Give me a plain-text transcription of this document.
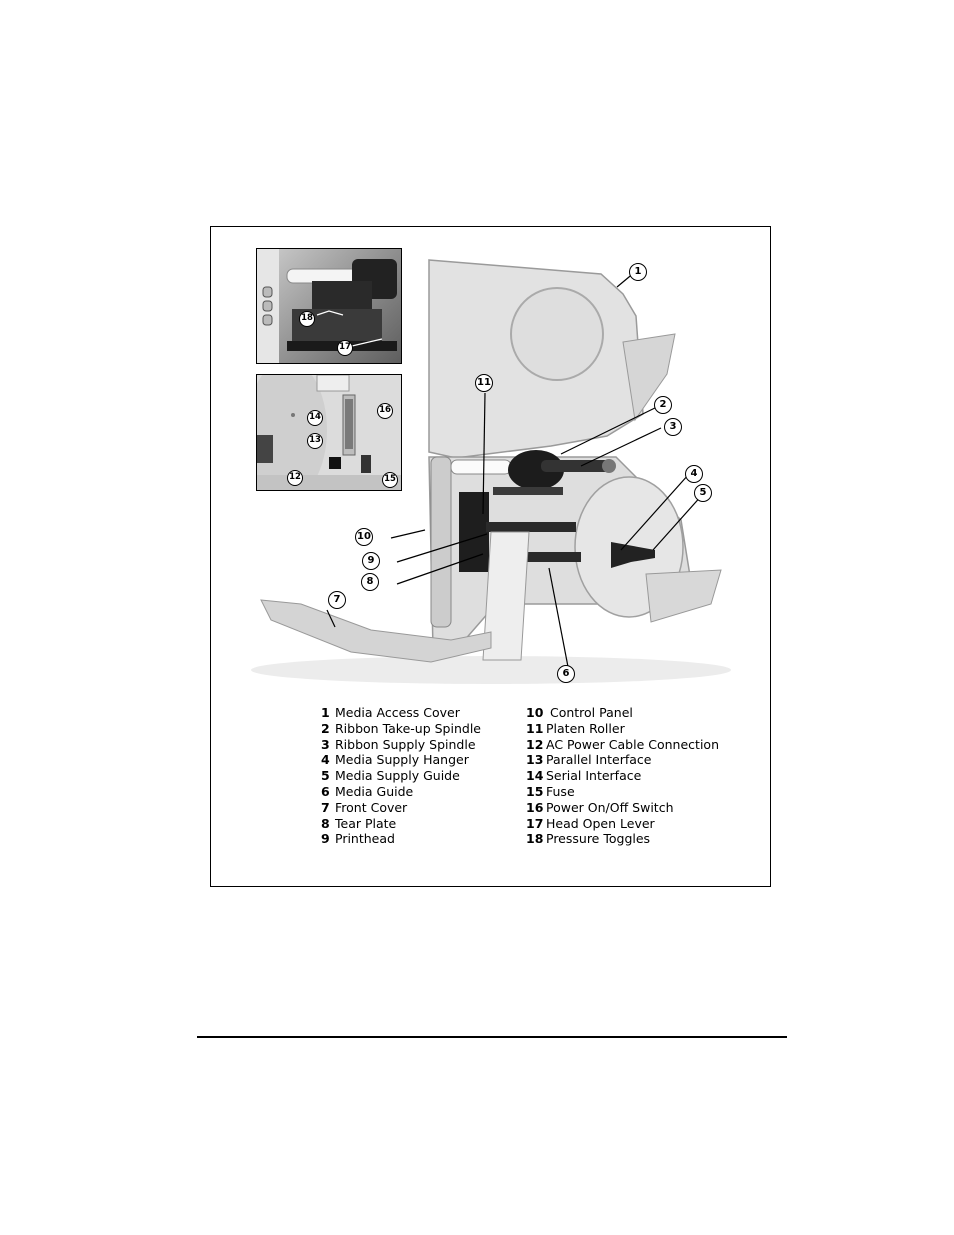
18
17
14
16
13
12	15
1
2
3
4
5
6
7
8
9
10
11
1 Media Access Cover
2 Ribbon Take-up Spindle
3 Ribbon Supply Spindle
4 Media Supply Hanger
5 Media Supply Guide
6 Media Guide
7 Front Cover
8 Tear Plate
9 Printhead
10 Control Panel
11 Platen Roller
12 AC Power Cable Connection
13 Parallel Interface
14 Serial Interface
15 Fuse
16 Power On/Off Switch
17 Head Open Lever
18 Pressure Toggles
